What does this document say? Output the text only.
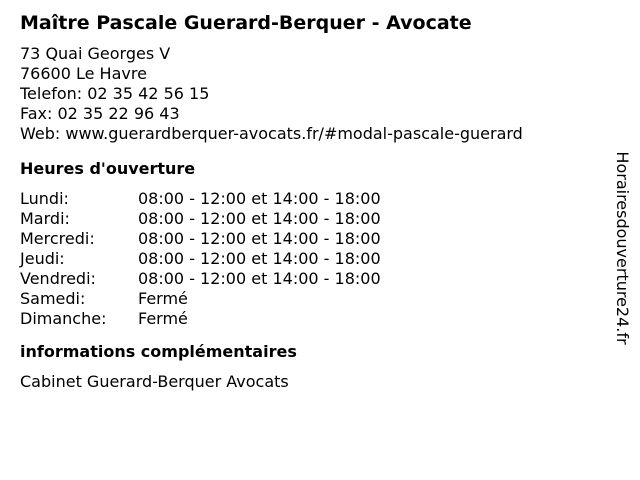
Maître Pascale Guerard-Berquer - Avocate
73 Quai Georges V
76600 Le Havre
Telefon: 02 35 42 56 15
Fax: 02 35 22 96 43
Web: www.guerardberquer-avocats.fr/#modal-pascale-guerard
Heures d'ouverture
Lundi:	08:00 - 12:00 et 14:00 - 18:00
Mardi:	08:00 - 12:00 et 14:00 - 18:00
Mercredi:	08:00 - 12:00 et 14:00 - 18:00
Jeudi:	08:00 - 12:00 et 14:00 - 18:00
Vendredi:	08:00 - 12:00 et 14:00 - 18:00
Samedi:	Fermé
Dimanche:	Fermé
informations complémentaires
Cabinet Guerard-Berquer Avocats
Horairesdouverture24.fr
